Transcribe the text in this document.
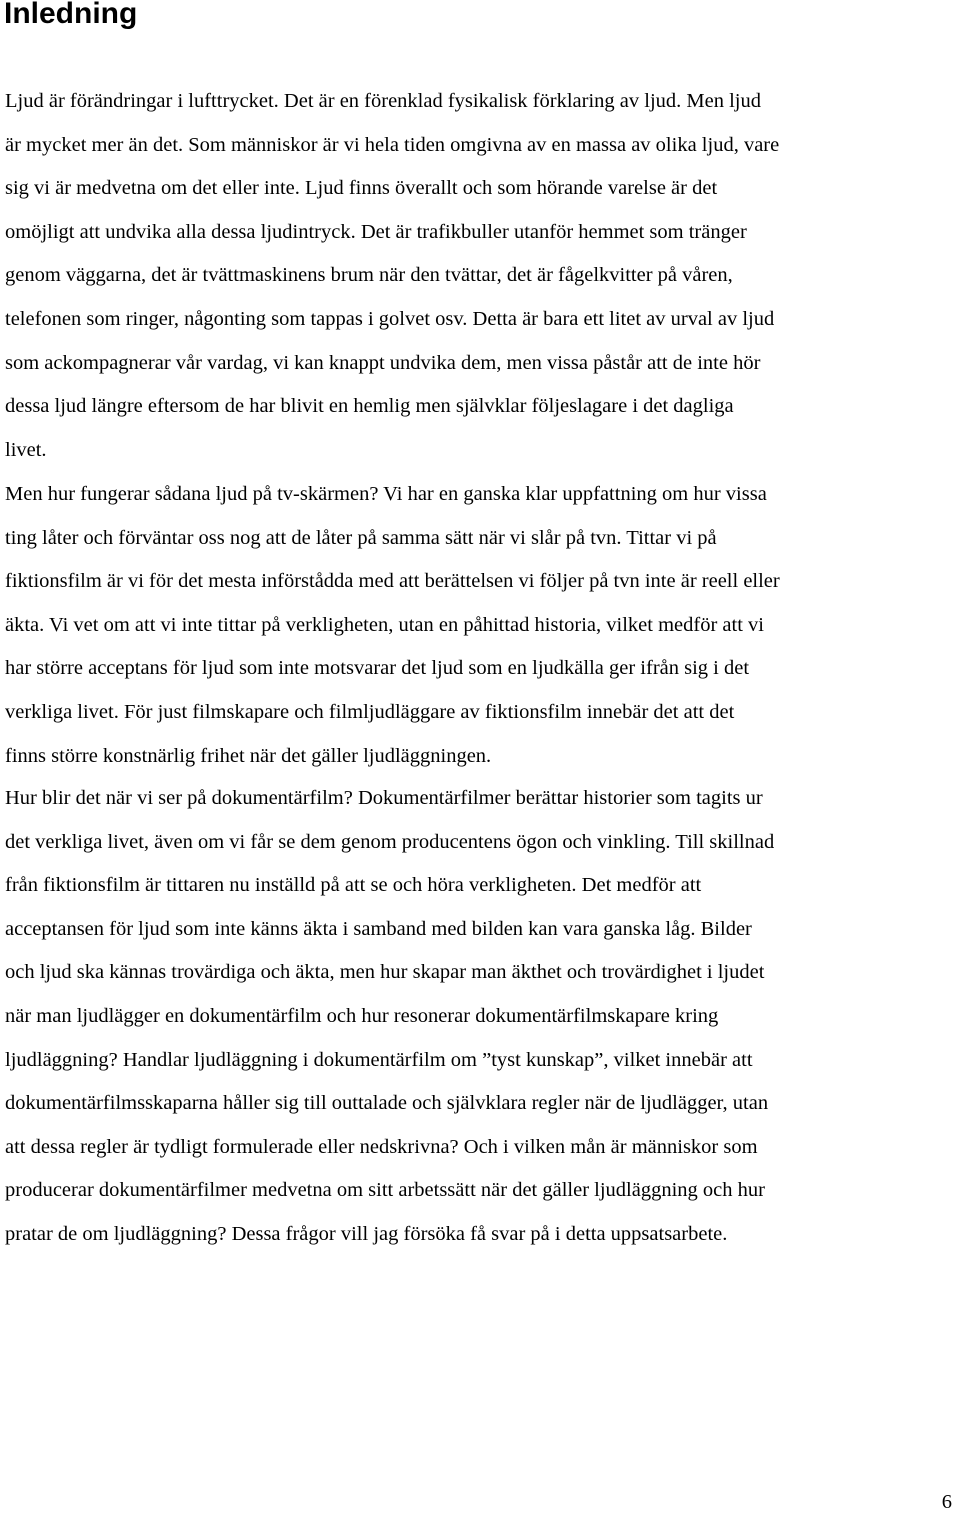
Inledning

Ljud är förändringar i lufttrycket. Det är en förenklad fysikalisk förklaring av ljud. Men ljud
är mycket mer än det. Som människor är vi hela tiden omgivna av en massa av olika ljud, vare
sig vi är medvetna om det eller inte. Ljud finns överallt och som hörande varelse är det
omöjligt att undvika alla dessa ljudintryck. Det är trafikbuller utanför hemmet som tränger
genom väggarna, det är tvättmaskinens brum när den tvättar, det är fågelkvitter på våren,
telefonen som ringer, någonting som tappas i golvet osv. Detta är bara ett litet av urval av ljud
som ackompagnerar vår vardag, vi kan knappt undvika dem, men vissa påstår att de inte hör
dessa ljud längre eftersom de har blivit en hemlig men självklar följeslagare i det dagliga
livet.

Men hur fungerar sådana ljud på tv-skärmen? Vi har en ganska klar uppfattning om hur vissa
ting låter och förväntar oss nog att de låter på samma sätt när vi slår på tvn. Tittar vi på
fiktionsfilm är vi för det mesta införstådda med att berättelsen vi följer på tvn inte är reell eller
äkta. Vi vet om att vi inte tittar på verkligheten, utan en påhittad historia, vilket medför att vi
har större acceptans för ljud som inte motsvarar det ljud som en ljudkälla ger ifrån sig i det
verkliga livet. För just filmskapare och filmljudläggare av fiktionsfilm innebär det att det
finns större konstnärlig frihet när det gäller ljudläggningen.

Hur blir det när vi ser på dokumentärfilm? Dokumentärfilmer berättar historier som tagits ur
det verkliga livet, även om vi får se dem genom producentens ögon och vinkling. Till skillnad
från fiktionsfilm är tittaren nu inställd på att se och höra verkligheten. Det medför att
acceptansen för ljud som inte känns äkta i samband med bilden kan vara ganska låg. Bilder
och ljud ska kännas trovärdiga och äkta, men hur skapar man äkthet och trovärdighet i ljudet
när man ljudlägger en dokumentärfilm och hur resonerar dokumentärfilmskapare kring
ljudläggning? Handlar ljudläggning i dokumentärfilm om ”tyst kunskap”, vilket innebär att
dokumentärfilmsskaparna håller sig till outtalade och självklara regler när de ljudlägger, utan
att dessa regler är tydligt formulerade eller nedskrivna? Och i vilken mån är människor som
producerar dokumentärfilmer medvetna om sitt arbetssätt när det gäller ljudläggning och hur
pratar de om ljudläggning? Dessa frågor vill jag försöka få svar på i detta uppsatsarbete.

6
